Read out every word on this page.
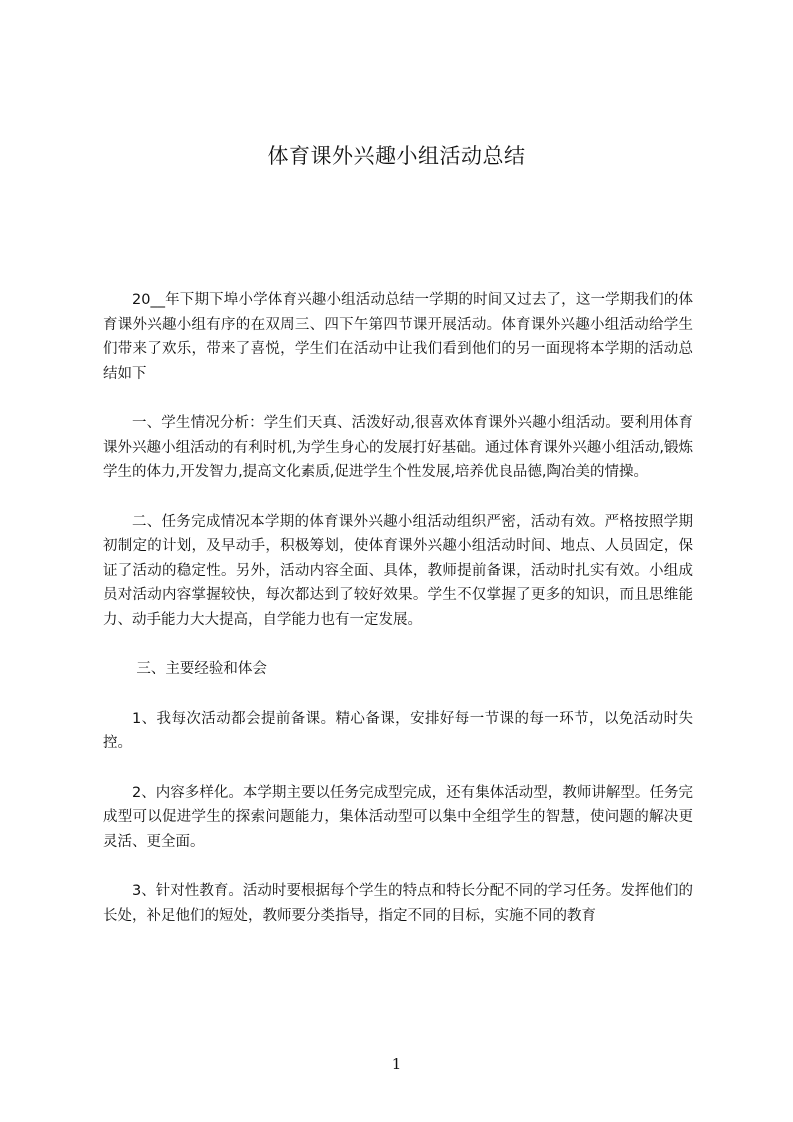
体育课外兴趣小组活动总结

20__年下期下埠小学体育兴趣小组活动总结一学期的时间又过去了，这一学期我们的体育课外兴趣小组有序的在双周三、四下午第四节课开展活动。体育课外兴趣小组活动给学生们带来了欢乐，带来了喜悦，学生们在活动中让我们看到他们的另一面现将本学期的活动总结如下

一、学生情况分析：学生们天真、活泼好动,很喜欢体育课外兴趣小组活动。要利用体育课外兴趣小组活动的有利时机,为学生身心的发展打好基础。通过体育课外兴趣小组活动,锻炼学生的体力,开发智力,提高文化素质,促进学生个性发展,培养优良品德,陶冶美的情操。

二、任务完成情况本学期的体育课外兴趣小组活动组织严密，活动有效。严格按照学期初制定的计划，及早动手，积极筹划，使体育课外兴趣小组活动时间、地点、人员固定，保证了活动的稳定性。另外，活动内容全面、具体，教师提前备课，活动时扎实有效。小组成员对活动内容掌握较快，每次都达到了较好效果。学生不仅掌握了更多的知识，而且思维能力、动手能力大大提高，自学能力也有一定发展。

三、主要经验和体会

1、我每次活动都会提前备课。精心备课，安排好每一节课的每一环节，以免活动时失控。

2、内容多样化。本学期主要以任务完成型完成，还有集体活动型，教师讲解型。任务完成型可以促进学生的探索问题能力，集体活动型可以集中全组学生的智慧，使问题的解决更灵活、更全面。

3、针对性教育。活动时要根据每个学生的特点和特长分配不同的学习任务。发挥他们的长处，补足他们的短处，教师要分类指导，指定不同的目标，实施不同的教育

1
